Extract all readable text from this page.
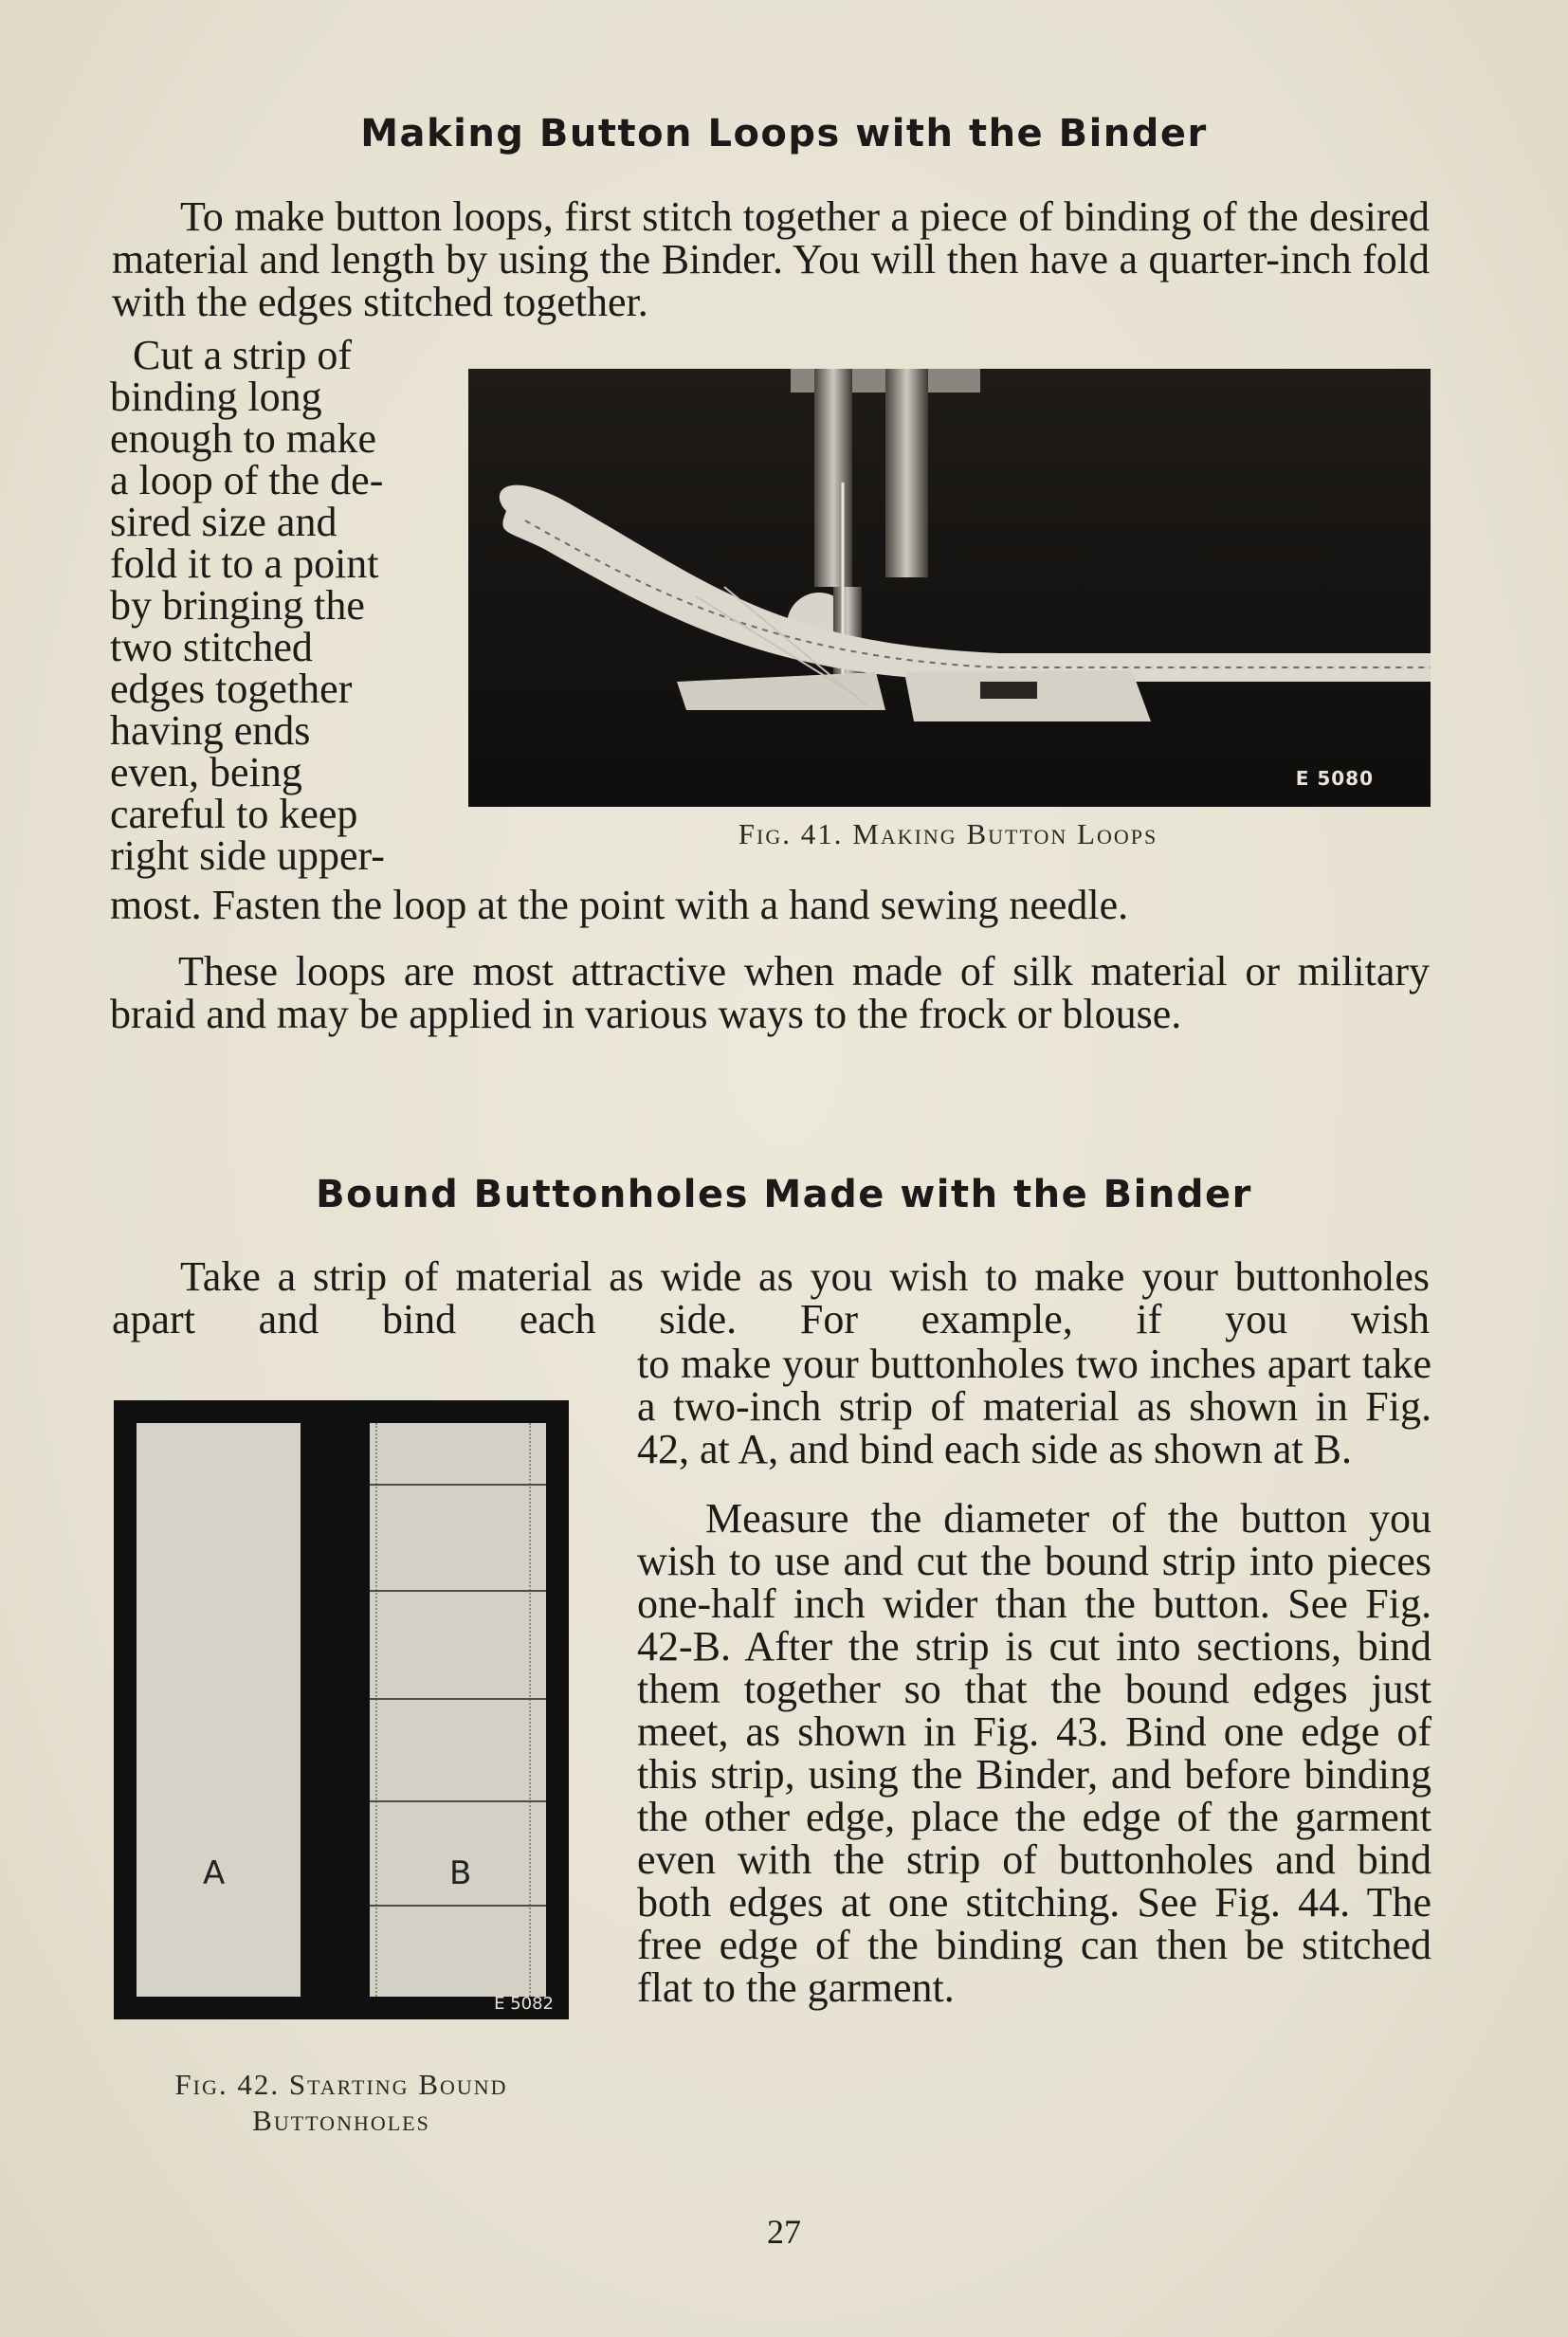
Making Button Loops with the Binder

To make button loops, first stitch together a piece of binding of the desired material and length by using the Binder. You will then have a quarter-inch fold with the edges stitched together.

Cut a strip of
binding long
enough to make
a loop of the de-
sired size and
fold it to a point
by bringing the
two stitched
edges together
having ends
even, being
careful to keep
right side upper-
E 5080
Fig. 41. Making Button Loops

most. Fasten the loop at the point with a hand sewing needle.

These loops are most attractive when made of silk material or military braid and may be applied in various ways to the frock or blouse.

Bound Buttonholes Made with the Binder

Take a strip of material as wide as you wish to make your buttonholes apart and bind each side. For example, if you wish

A	B
E 5082
Fig. 42. Starting Bound
Buttonholes

to make your buttonholes two inches apart take a two-inch strip of material as shown in Fig. 42, at A, and bind each side as shown at B.

Measure the diameter of the button you wish to use and cut the bound strip into pieces one-half inch wider than the button. See Fig. 42-B. After the strip is cut into sections, bind them together so that the bound edges just meet, as shown in Fig. 43. Bind one edge of this strip, using the Binder, and before binding the other edge, place the edge of the garment even with the strip of buttonholes and bind both edges at one stitching. See Fig. 44. The free edge of the binding can then be stitched flat to the garment.

27
